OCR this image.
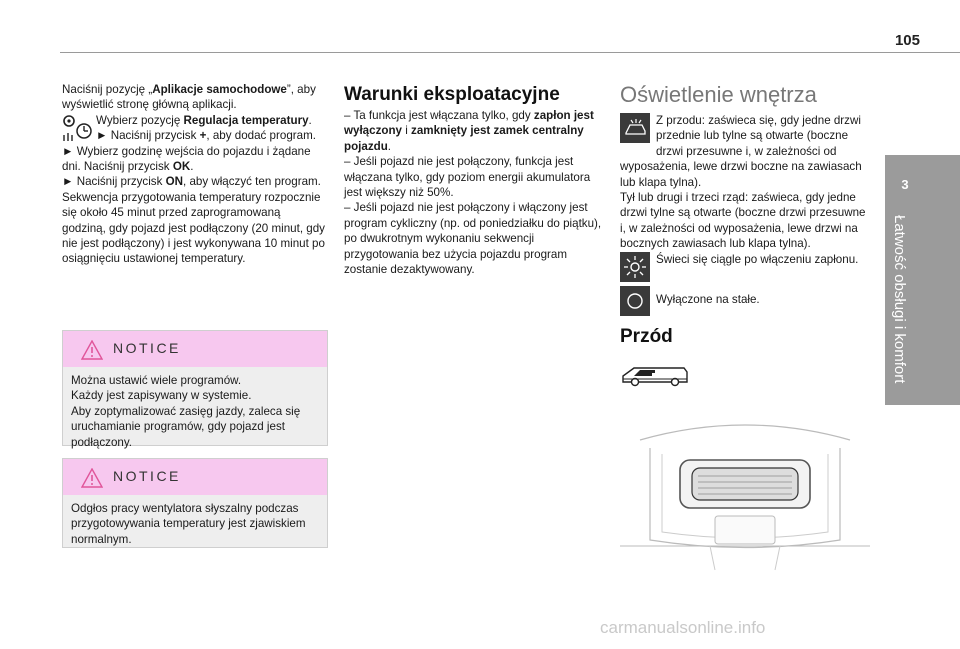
105
3
Łatwość obsługi i komfort

Naciśnij pozycję „Aplikacje samochodowe”, aby wyświetlić stronę główną aplikacji.

Wybierz pozycję Regulacja temperatury.

► Naciśnij przycisk +, aby dodać program.

► Wybierz godzinę wejścia do pojazdu i żądane dni. Naciśnij przycisk OK.

► Naciśnij przycisk ON, aby włączyć ten program.

Sekwencja przygotowania temperatury rozpocznie się około 45 minut przed zaprogramowaną godziną, gdy pojazd jest podłączony (20 minut, gdy nie jest podłączony) i jest wykonywana 10 minut po osiągnięciu ustawionej temperatury.

NOTICE
Można ustawić wiele programów.
Każdy jest zapisywany w systemie.
Aby zoptymalizować zasięg jazdy, zaleca się uruchamianie programów, gdy pojazd jest podłączony.
NOTICE
Odgłos pracy wentylatora słyszalny podczas przygotowywania temperatury jest zjawiskiem normalnym.
Warunki eksploatacyjne

– Ta funkcja jest włączana tylko, gdy zapłon jest wyłączony i zamknięty jest zamek centralny pojazdu.

– Jeśli pojazd nie jest połączony, funkcja jest włączana tylko, gdy poziom energii akumulatora jest większy niż 50%.

– Jeśli pojazd nie jest połączony i włączony jest program cykliczny (np. od poniedziałku do piątku), po dwukrotnym wykonaniu sekwencji przygotowania bez użycia pojazdu program zostanie dezaktywowany.

Oświetlenie wnętrza

Z przodu: zaświeca się, gdy jedne drzwi przednie lub tylne są otwarte (boczne drzwi przesuwne i, w zależności od wyposażenia, lewe drzwi boczne na zawiasach lub klapa tylna).

Tył lub drugi i trzeci rząd: zaświeca, gdy jedne drzwi tylne są otwarte (boczne drzwi przesuwne i, w zależności od wyposażenia, lewe drzwi na bocznych zawiasach lub klapa tylna).

Świeci się ciągle po włączeniu zapłonu.

Wyłączone na stałe.

Przód
carmanualsonline.info
